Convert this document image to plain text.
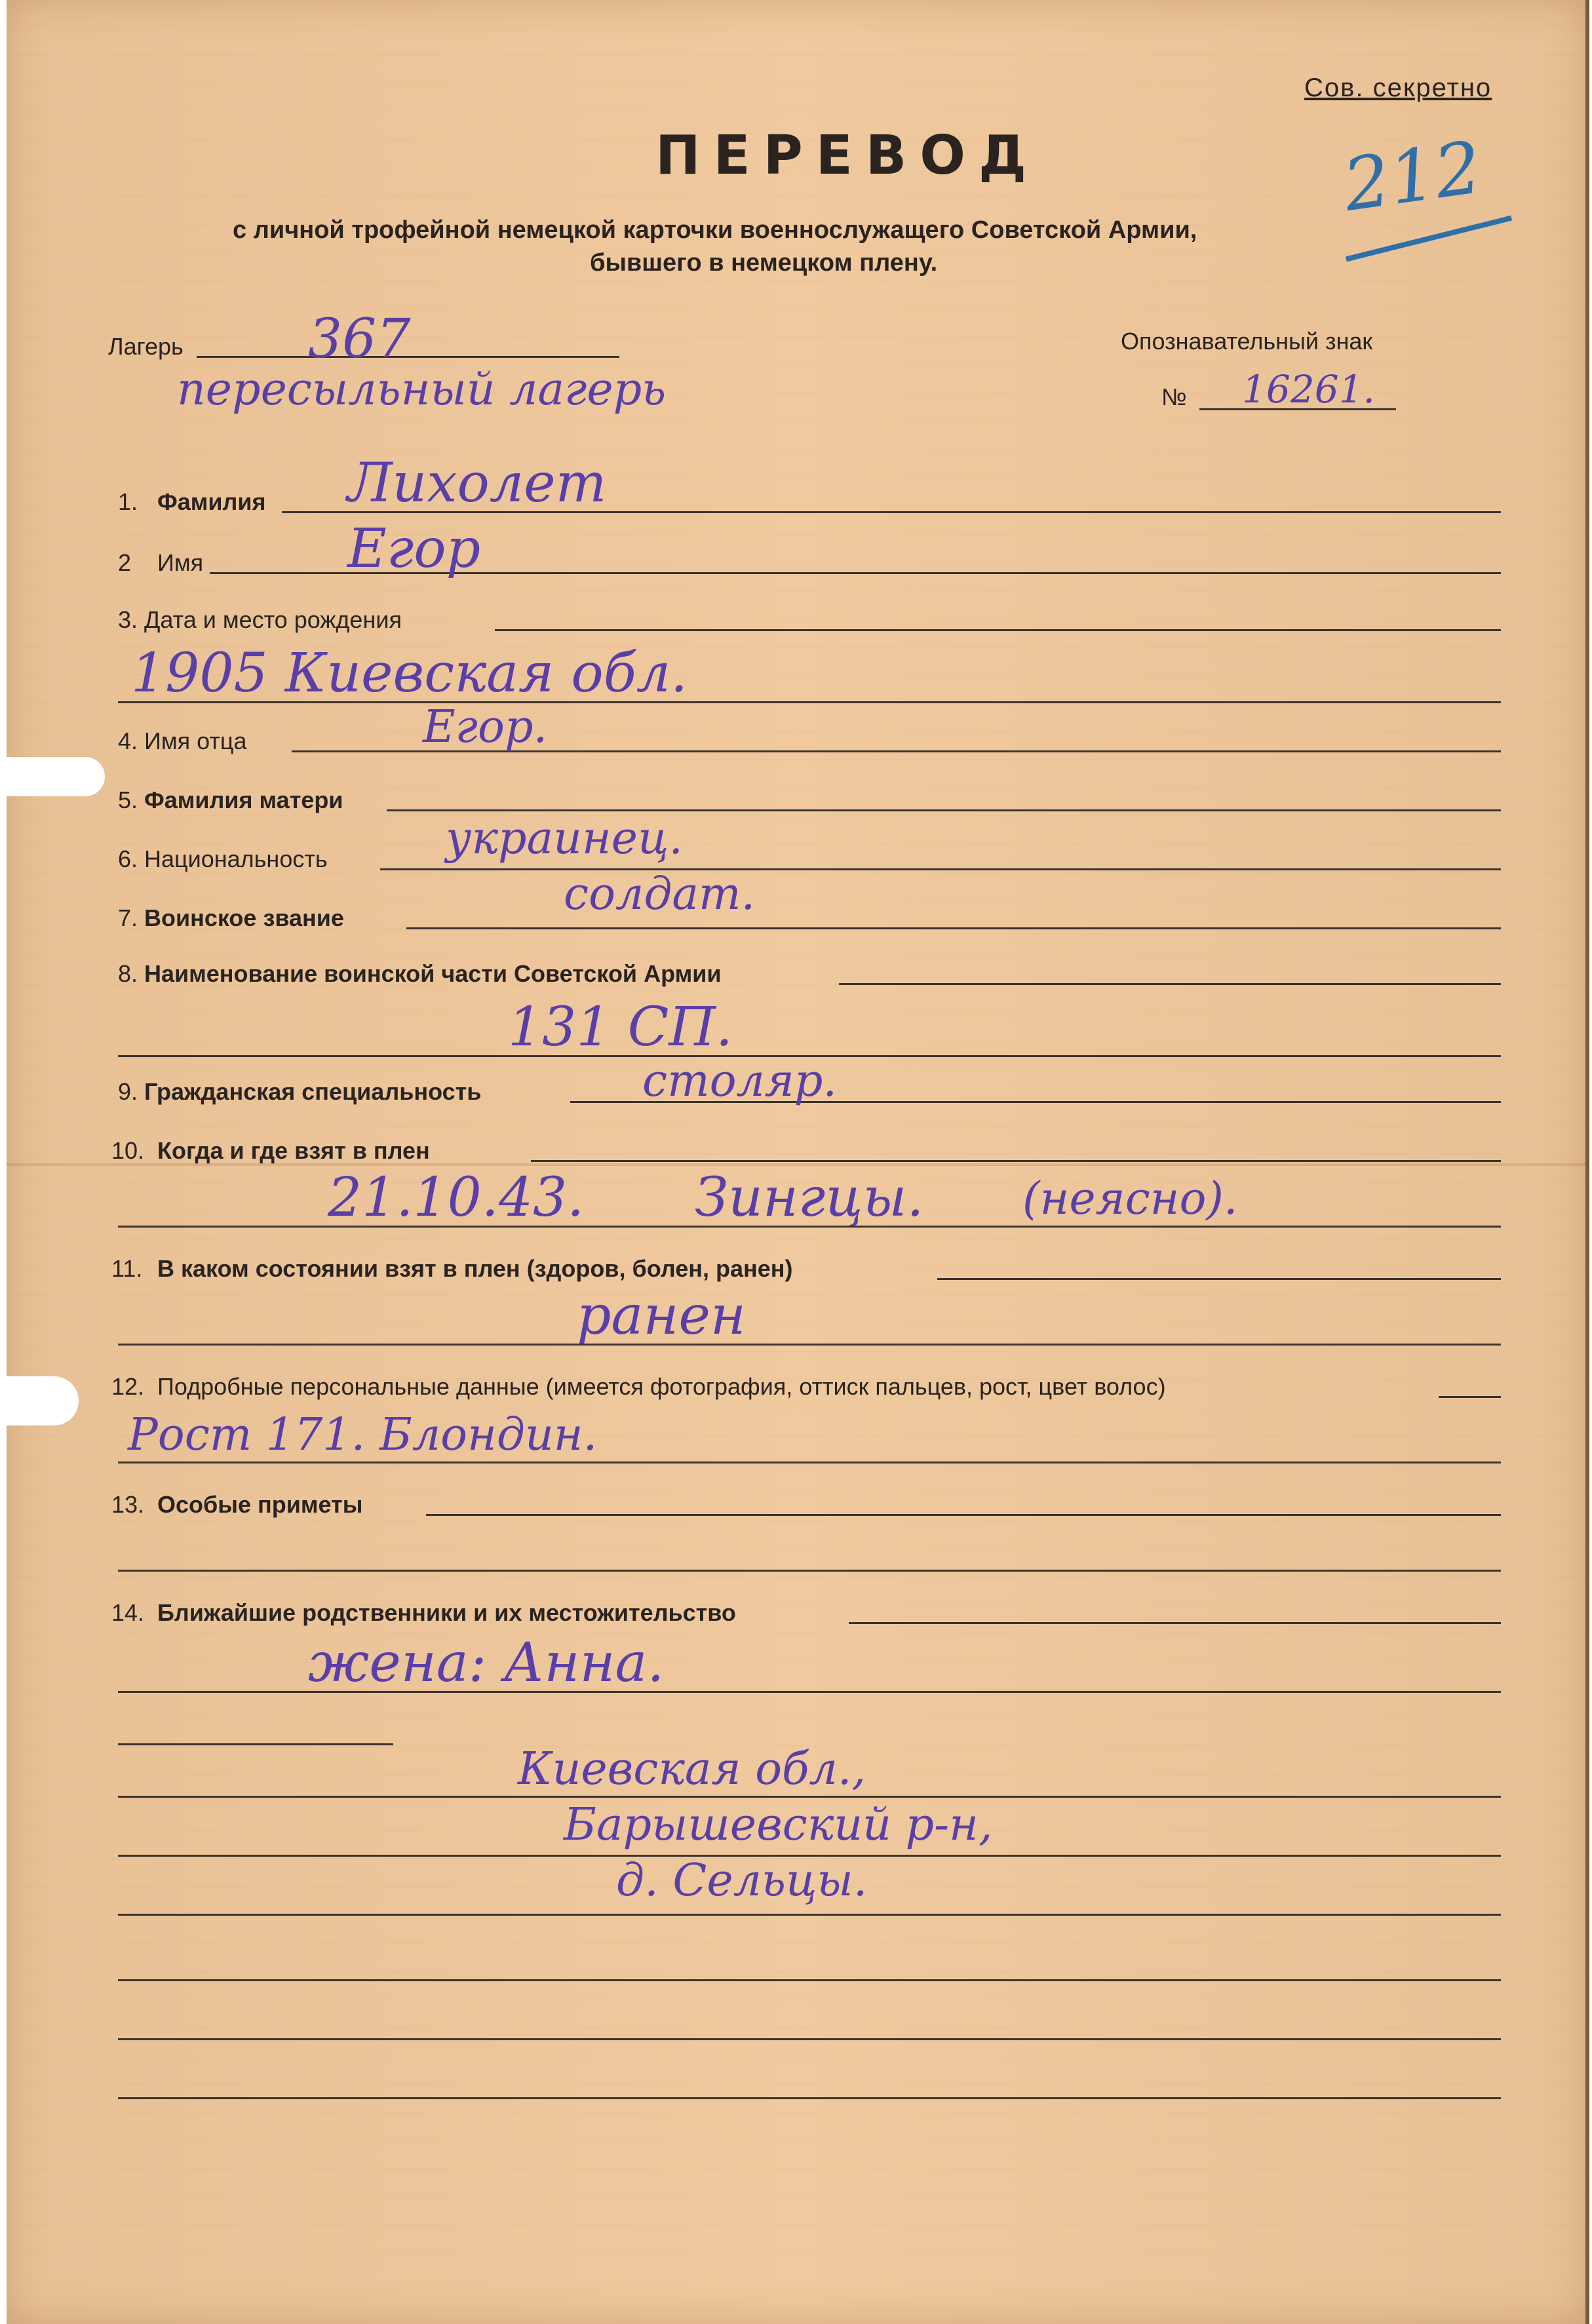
Сов. секретно
ПЕРЕВОД	212
с личной трофейной немецкой карточки военнослужащего Советской Армии,
бывшего в немецком плену.
Лагерь 367
пересыльный лагерь
Опознавательный знак
№ 16261.
1. Фамилия Лихолет
2 Имя	Егор
3. Дата и место рождения
1905 Киевская обл.
4. Имя отца	Егор.
5. Фамилия матери
6. Национальность	украинец.
7. Воинское звание	солдат.
8. Наименование воинской части Советской Армии
131 СП.
9. Гражданская специальность	столяр.
10. Когда и где взят в плен
21.10.43. Зингцы. (неясно).
11. В каком состоянии взят в плен (здоров, болен, ранен)
ранен
12. Подробные персональные данные (имеется фотография, оттиск пальцев, рост, цвет волос)
Рост 171. Блондин.
13. Особые приметы
14. Ближайшие родственники и их местожительство
жена: Анна.
Киевская обл.,
Барышевский р-н,
д. Сельцы.
